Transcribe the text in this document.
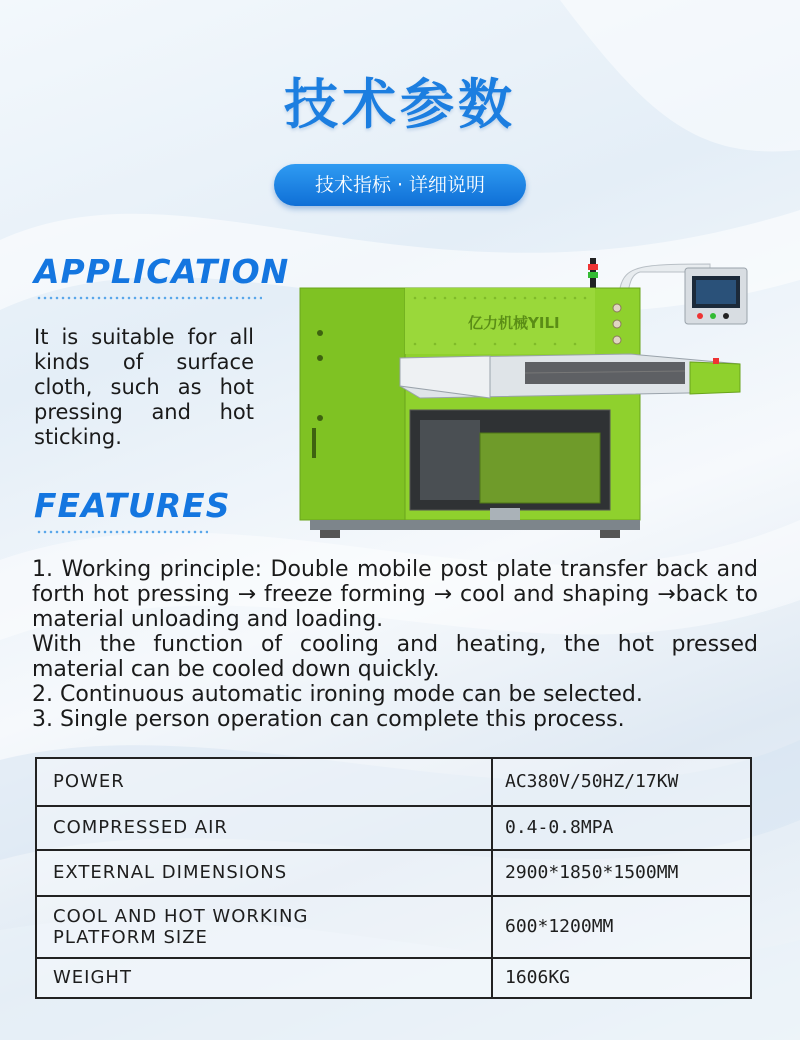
技术参数
技术指标 · 详细说明
APPLICATION
It is suitable for all kinds of surface cloth, such as hot pressing and hot sticking.
亿力机械YILI
FEATURES

1. Working principle: Double mobile post plate transfer back and forth hot pressing → freeze forming → cool and shaping →back to material unloading and loading.

With the function of cooling and heating, the hot pressed material can be cooled down quickly.

2. Continuous automatic ironing mode can be selected.

3. Single person operation can complete this process.

POWER	AC380V/50HZ/17KW
COMPRESSED AIR	0.4-0.8MPA
EXTERNAL DIMENSIONS	2900*1850*1500MM
COOL AND HOT WORKING
PLATFORM SIZE	600*1200MM
WEIGHT	1606KG
